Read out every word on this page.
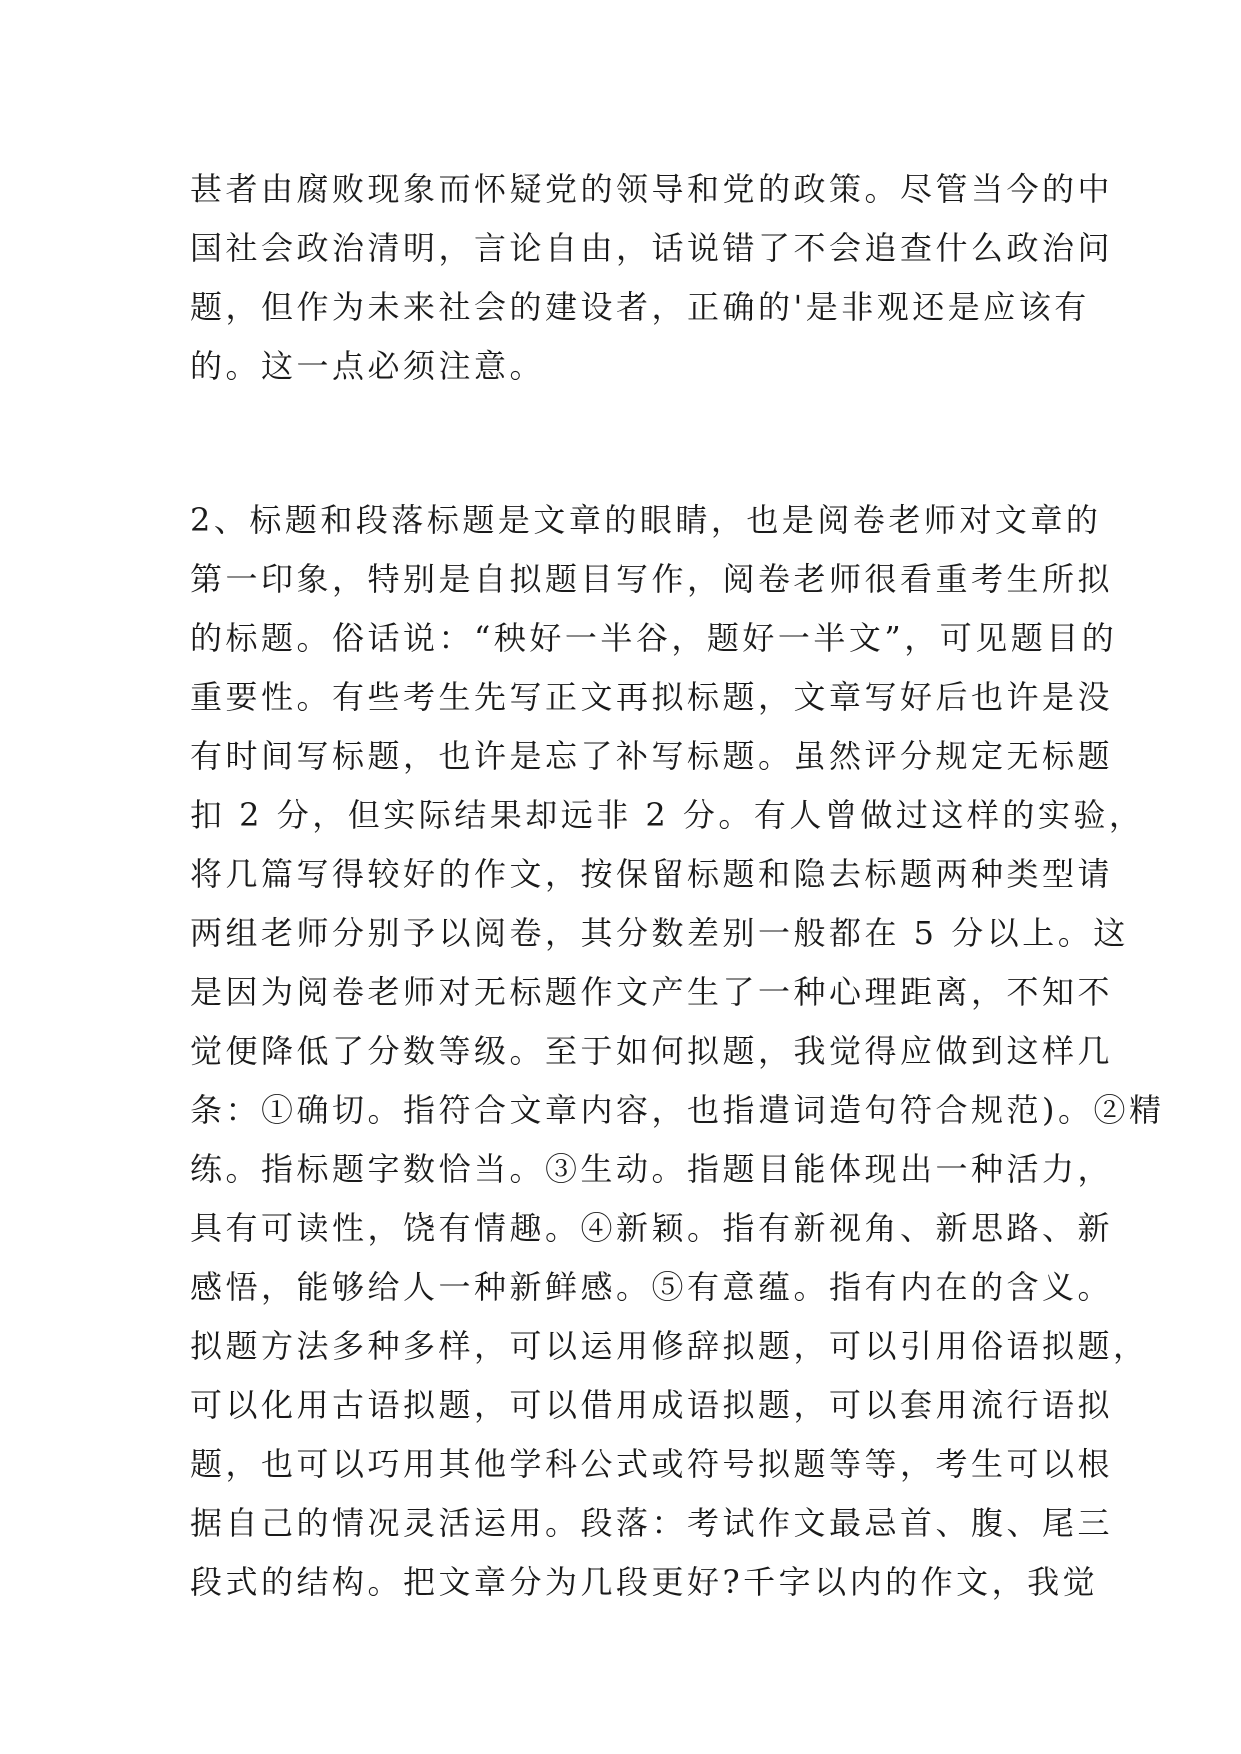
甚者由腐败现象而怀疑党的领导和党的政策。尽管当今的中
国社会政治清明，言论自由，话说错了不会追查什么政治问
题，但作为未来社会的建设者，正确的'是非观还是应该有
的。这一点必须注意。
2、标题和段落标题是文章的眼睛，也是阅卷老师对文章的
第一印象，特别是自拟题目写作，阅卷老师很看重考生所拟
的标题。俗话说：“秧好一半谷，题好一半文”，可见题目的
重要性。有些考生先写正文再拟标题，文章写好后也许是没
有时间写标题，也许是忘了补写标题。虽然评分规定无标题
扣 2 分，但实际结果却远非 2 分。有人曾做过这样的实验，
将几篇写得较好的作文，按保留标题和隐去标题两种类型请
两组老师分别予以阅卷，其分数差别一般都在 5 分以上。这
是因为阅卷老师对无标题作文产生了一种心理距离，不知不
觉便降低了分数等级。至于如何拟题，我觉得应做到这样几
条：①确切。指符合文章内容，也指遣词造句符合规范)。②精
练。指标题字数恰当。③生动。指题目能体现出一种活力，
具有可读性，饶有情趣。④新颖。指有新视角、新思路、新
感悟，能够给人一种新鲜感。⑤有意蕴。指有内在的含义。
拟题方法多种多样，可以运用修辞拟题，可以引用俗语拟题，
可以化用古语拟题，可以借用成语拟题，可以套用流行语拟
题，也可以巧用其他学科公式或符号拟题等等，考生可以根
据自己的情况灵活运用。段落：考试作文最忌首、腹、尾三
段式的结构。把文章分为几段更好?千字以内的作文，我觉
